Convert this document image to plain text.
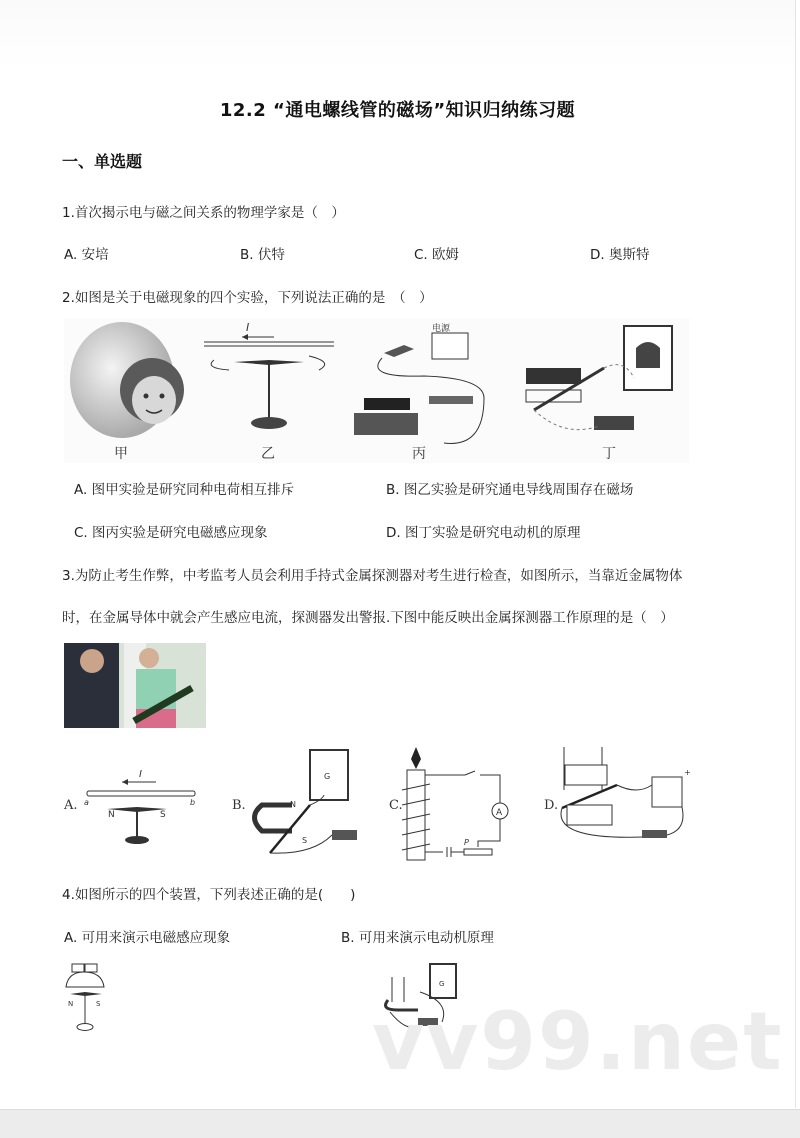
12.2 “通电螺线管的磁场”知识归纳练习题
一、单选题
1.首次揭示电与磁之间关系的物理学家是（　）
A. 安培	B. 伏特	C. 欧姆	D. 奥斯特
2.如图是关于电磁现象的四个实验，下列说法正确的是　（　）
I	电源
甲	乙	丙	丁
A. 图甲实验是研究同种电荷相互排斥	B. 图乙实验是研究通电导线周围存在磁场
C. 图丙实验是研究电磁感应现象	D. 图丁实验是研究电动机的原理
3.为防止考生作弊，中考监考人员会利用手持式金属探测器对考生进行检查，如图所示，当靠近金属物体
时，在金属导体中就会产生感应电流，探测器发出警报.下图中能反映出金属探测器工作原理的是（　）
A.
I
a	b
N	S
B.
G
N
S
C.	A
P
D.
+
4.如图所示的四个装置，下列表述正确的是(　　)
A. 可用来演示电磁感应现象	B. 可用来演示电动机原理
N	S
G
vv99.net
